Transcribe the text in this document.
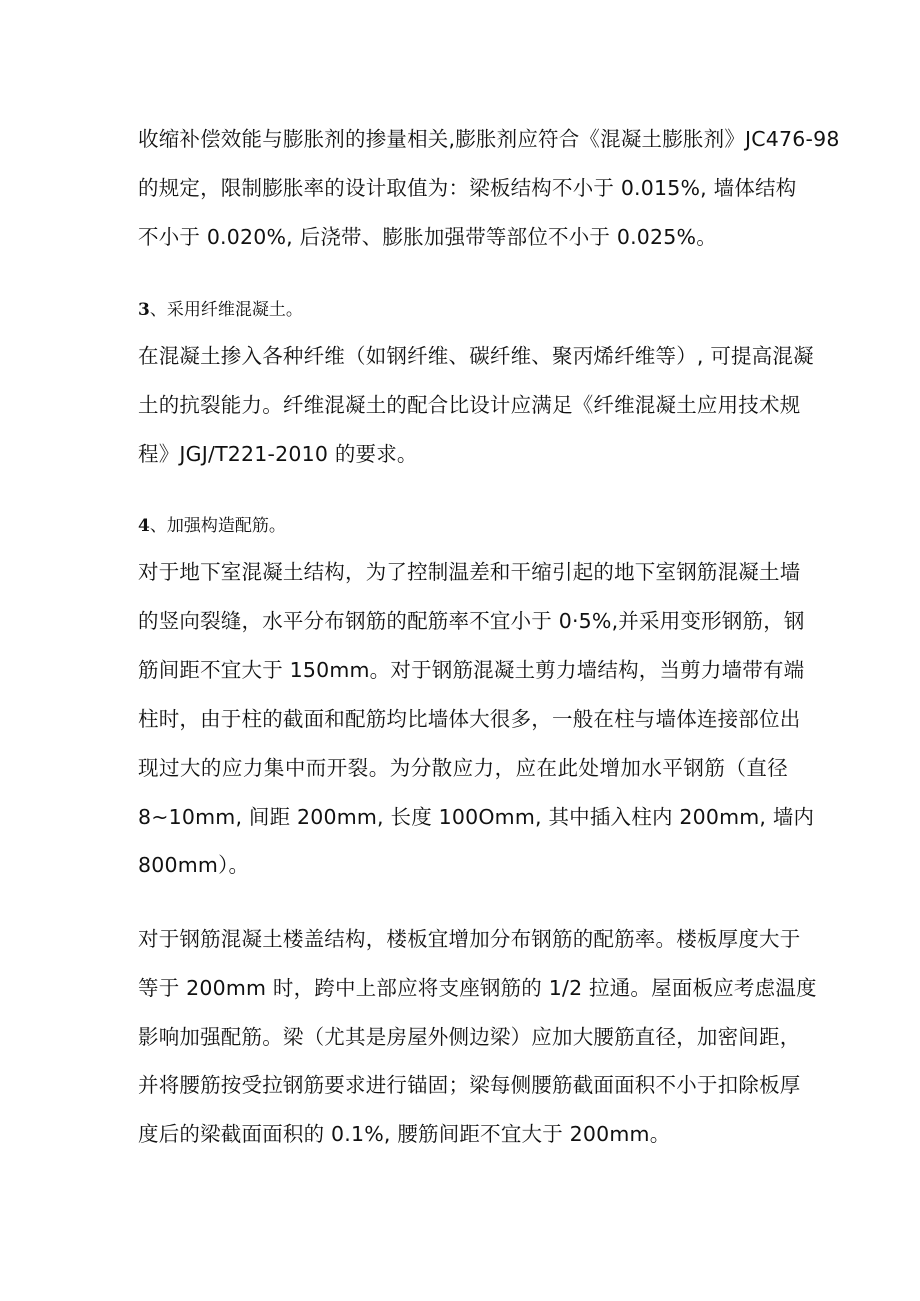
收缩补偿效能与膨胀剂的掺量相关,膨胀剂应符合《混凝土膨胀剂》JC476-98
的规定，限制膨胀率的设计取值为：梁板结构不小于 0.015%, 墙体结构
不小于 0.020%, 后浇带、膨胀加强带等部位不小于 0.025%。
3、采用纤维混凝土。
在混凝土掺入各种纤维（如钢纤维、碳纤维、聚丙烯纤维等）, 可提高混凝
土的抗裂能力。纤维混凝土的配合比设计应满足《纤维混凝土应用技术规
程》JGJ/T221-2010 的要求。
4、加强构造配筋。
对于地下室混凝土结构，为了控制温差和干缩引起的地下室钢筋混凝土墙
的竖向裂缝，水平分布钢筋的配筋率不宜小于 0·5%,并采用变形钢筋，钢
筋间距不宜大于 150mm。对于钢筋混凝土剪力墙结构，当剪力墙带有端
柱时，由于柱的截面和配筋均比墙体大很多，一般在柱与墙体连接部位出
现过大的应力集中而开裂。为分散应力，应在此处增加水平钢筋（直径
8~10mm, 间距 200mm, 长度 100Omm, 其中插入柱内 200mm, 墙内
800mm）。
对于钢筋混凝土楼盖结构，楼板宜增加分布钢筋的配筋率。楼板厚度大于
等于 200mm 时，跨中上部应将支座钢筋的 1/2 拉通。屋面板应考虑温度
影响加强配筋。梁（尤其是房屋外侧边梁）应加大腰筋直径，加密间距，
并将腰筋按受拉钢筋要求进行锚固；梁每侧腰筋截面面积不小于扣除板厚
度后的梁截面面积的 0.1%, 腰筋间距不宜大于 200mm。
